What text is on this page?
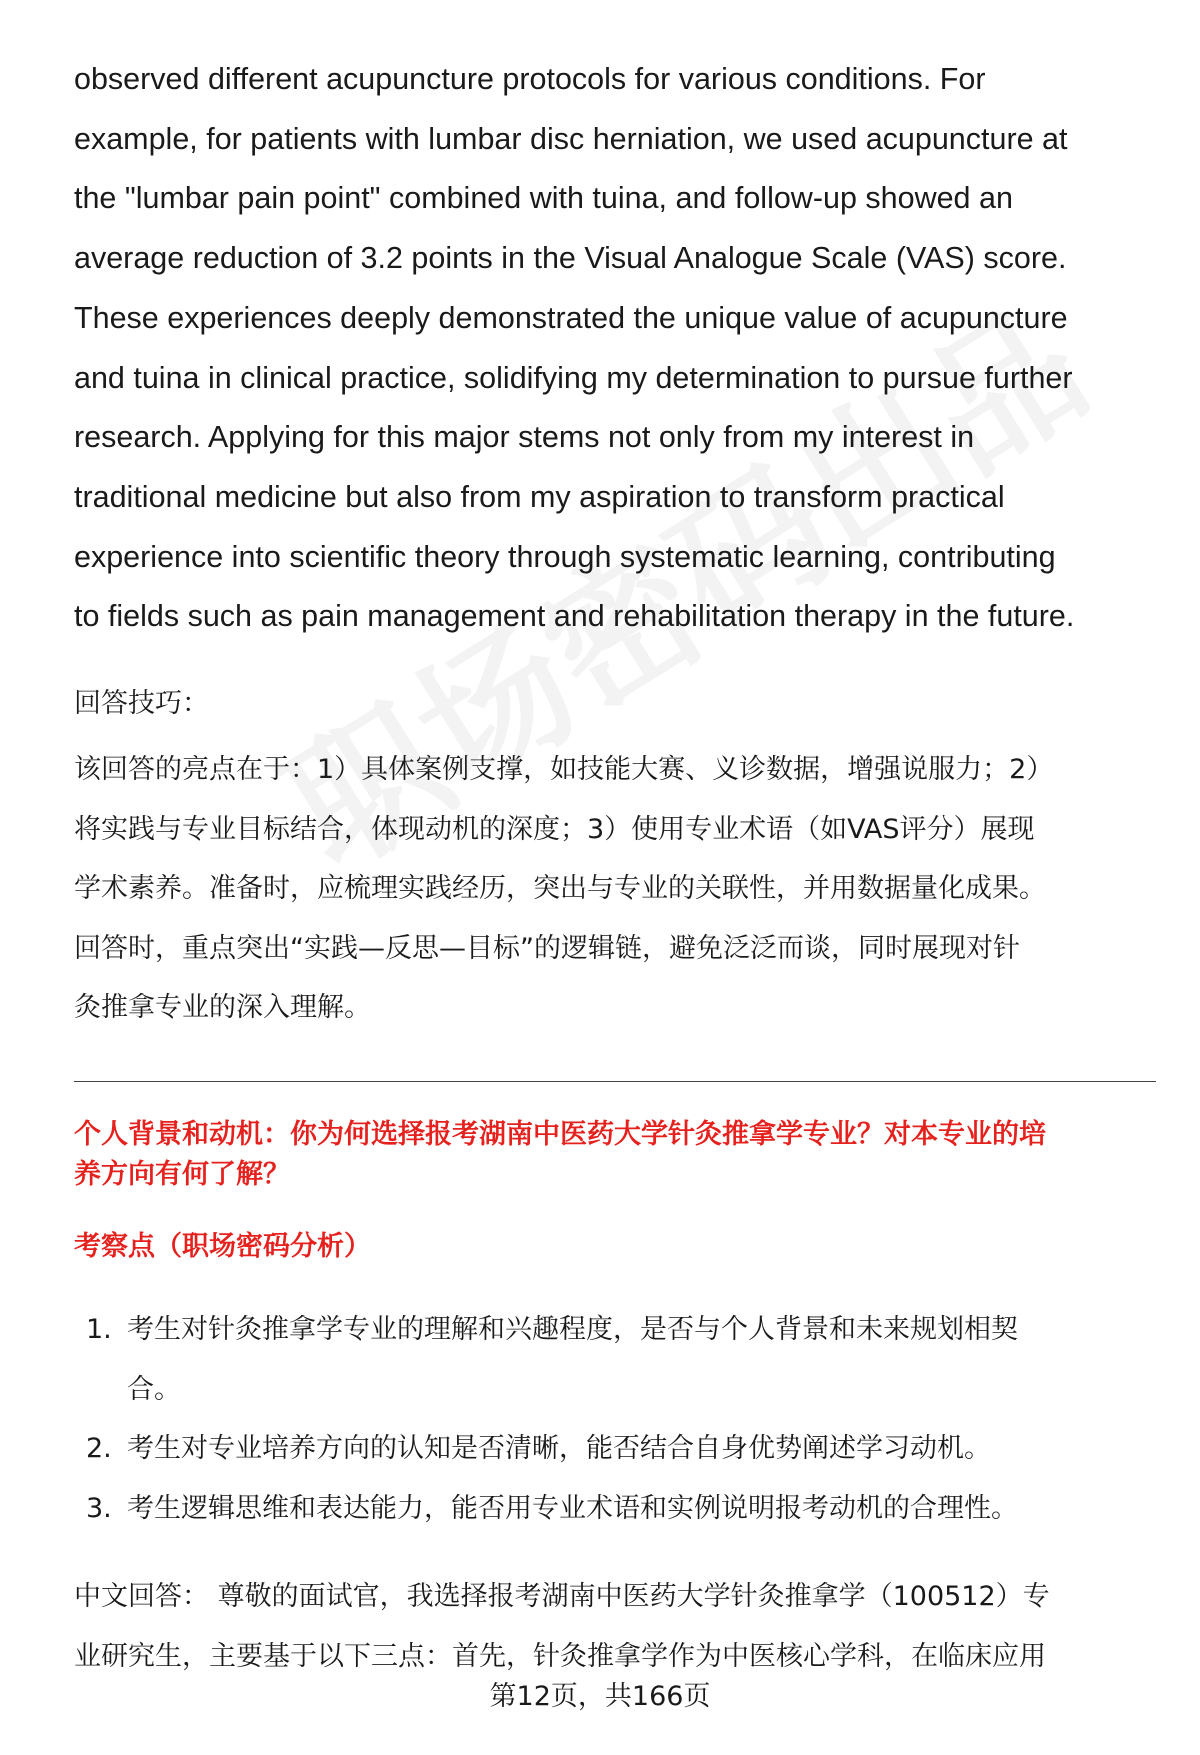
observed different acupuncture protocols for various conditions. For
example, for patients with lumbar disc herniation, we used acupuncture at
the "lumbar pain point" combined with tuina, and follow-up showed an
average reduction of 3.2 points in the Visual Analogue Scale (VAS) score.
These experiences deeply demonstrated the unique value of acupuncture
and tuina in clinical practice, solidifying my determination to pursue further
research. Applying for this major stems not only from my interest in
traditional medicine but also from my aspiration to transform practical
experience into scientific theory through systematic learning, contributing
to fields such as pain management and rehabilitation therapy in the future.

回答技巧：

该回答的亮点在于：1）具体案例支撑，如技能大赛、义诊数据，增强说服力；2）
将实践与专业目标结合，体现动机的深度；3）使用专业术语（如VAS评分）展现
学术素养。准备时，应梳理实践经历，突出与专业的关联性，并用数据量化成果。
回答时，重点突出“实践—反思—目标”的逻辑链，避免泛泛而谈，同时展现对针
灸推拿专业的深入理解。

个人背景和动机：你为何选择报考湖南中医药大学针灸推拿学专业？对本专业的培
养方向有何了解？

考察点（职场密码分析）

1. 考生对针灸推拿学专业的理解和兴趣程度，是否与个人背景和未来规划相契
合。
2. 考生对专业培养方向的认知是否清晰，能否结合自身优势阐述学习动机。
3. 考生逻辑思维和表达能力，能否用专业术语和实例说明报考动机的合理性。

中文回答： 尊敬的面试官，我选择报考湖南中医药大学针灸推拿学（100512）专
业研究生，主要基于以下三点：首先，针灸推拿学作为中医核心学科，在临床应用

第12页，共166页
